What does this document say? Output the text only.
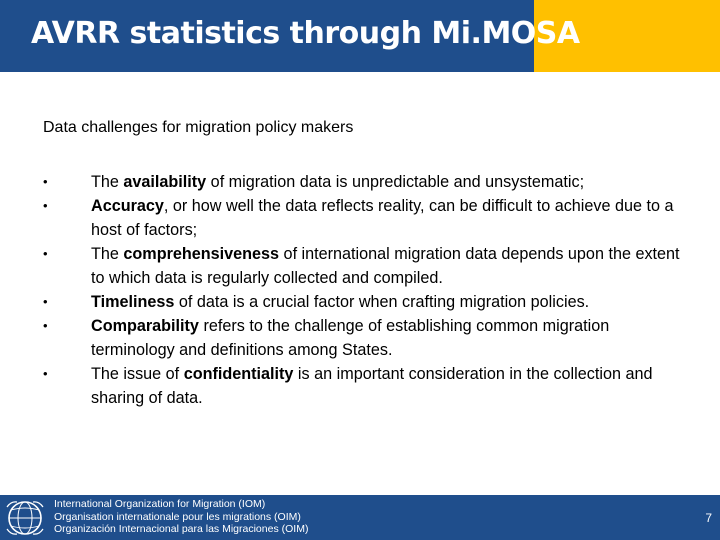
AVRR statistics through Mi.MOSA
Data challenges for migration policy makers
•	The availability of migration data is unpredictable and unsystematic;
•	Accuracy, or how well the data reflects reality, can be difficult to achieve due to a host of factors;
•	The comprehensiveness of international migration data depends upon the extent to which data is regularly collected and compiled.
•	Timeliness of data is a crucial factor when crafting migration policies.
•	Comparability refers to the challenge of establishing common migration terminology and definitions among States.
•	The issue of confidentiality is an important consideration in the collection and sharing of data.
International Organization for Migration (IOM)
Organisation internationale pour les migrations (OIM)
Organización Internacional para las Migraciones (OIM)
7
